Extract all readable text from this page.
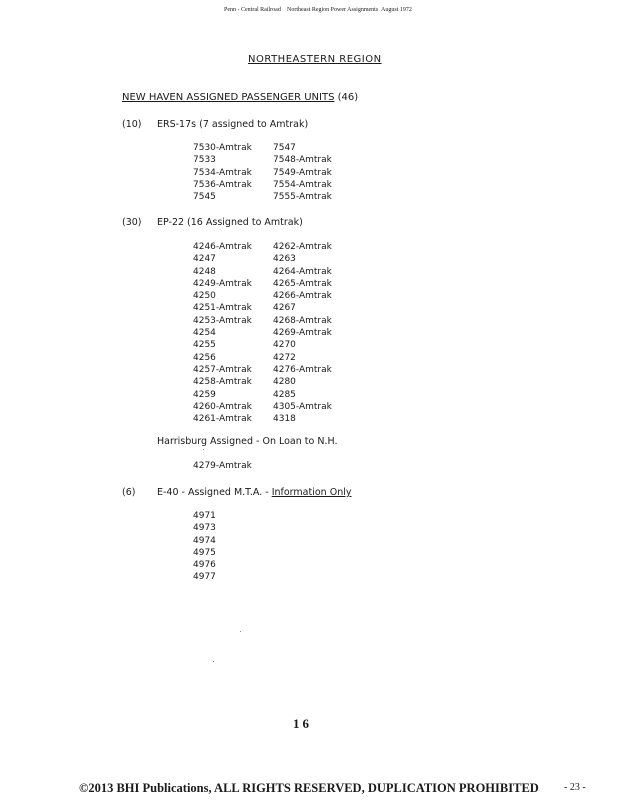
Penn - Central Railroad Northeast Region Power Assignments August 1972
NORTHEASTERN REGION
NEW HAVEN ASSIGNED PASSENGER UNITS (46)
(10) ERS-17s (7 assigned to Amtrak)
7530-Amtrak
7533
7534-Amtrak
7536-Amtrak
7545
7547
7548-Amtrak
7549-Amtrak
7554-Amtrak
7555-Amtrak
(30) EP-22 (16 Assigned to Amtrak)
4246-Amtrak
4247
4248
4249-Amtrak
4250
4251-Amtrak
4253-Amtrak
4254
4255
4256
4257-Amtrak
4258-Amtrak
4259
4260-Amtrak
4261-Amtrak
4262-Amtrak
4263
4264-Amtrak
4265-Amtrak
4266-Amtrak
4267
4268-Amtrak
4269-Amtrak
4270
4272
4276-Amtrak
4280
4285
4305-Amtrak
4318
Harrisburg Assigned - On Loan to N.H.
4279-Amtrak
(6) E-40 - Assigned M.T.A. - Information Only
4971
4973
4974
4975
4976
4977
16
©2013 BHI Publications, ALL RIGHTS RESERVED, DUPLICATION PROHIBITED	- 23 -
